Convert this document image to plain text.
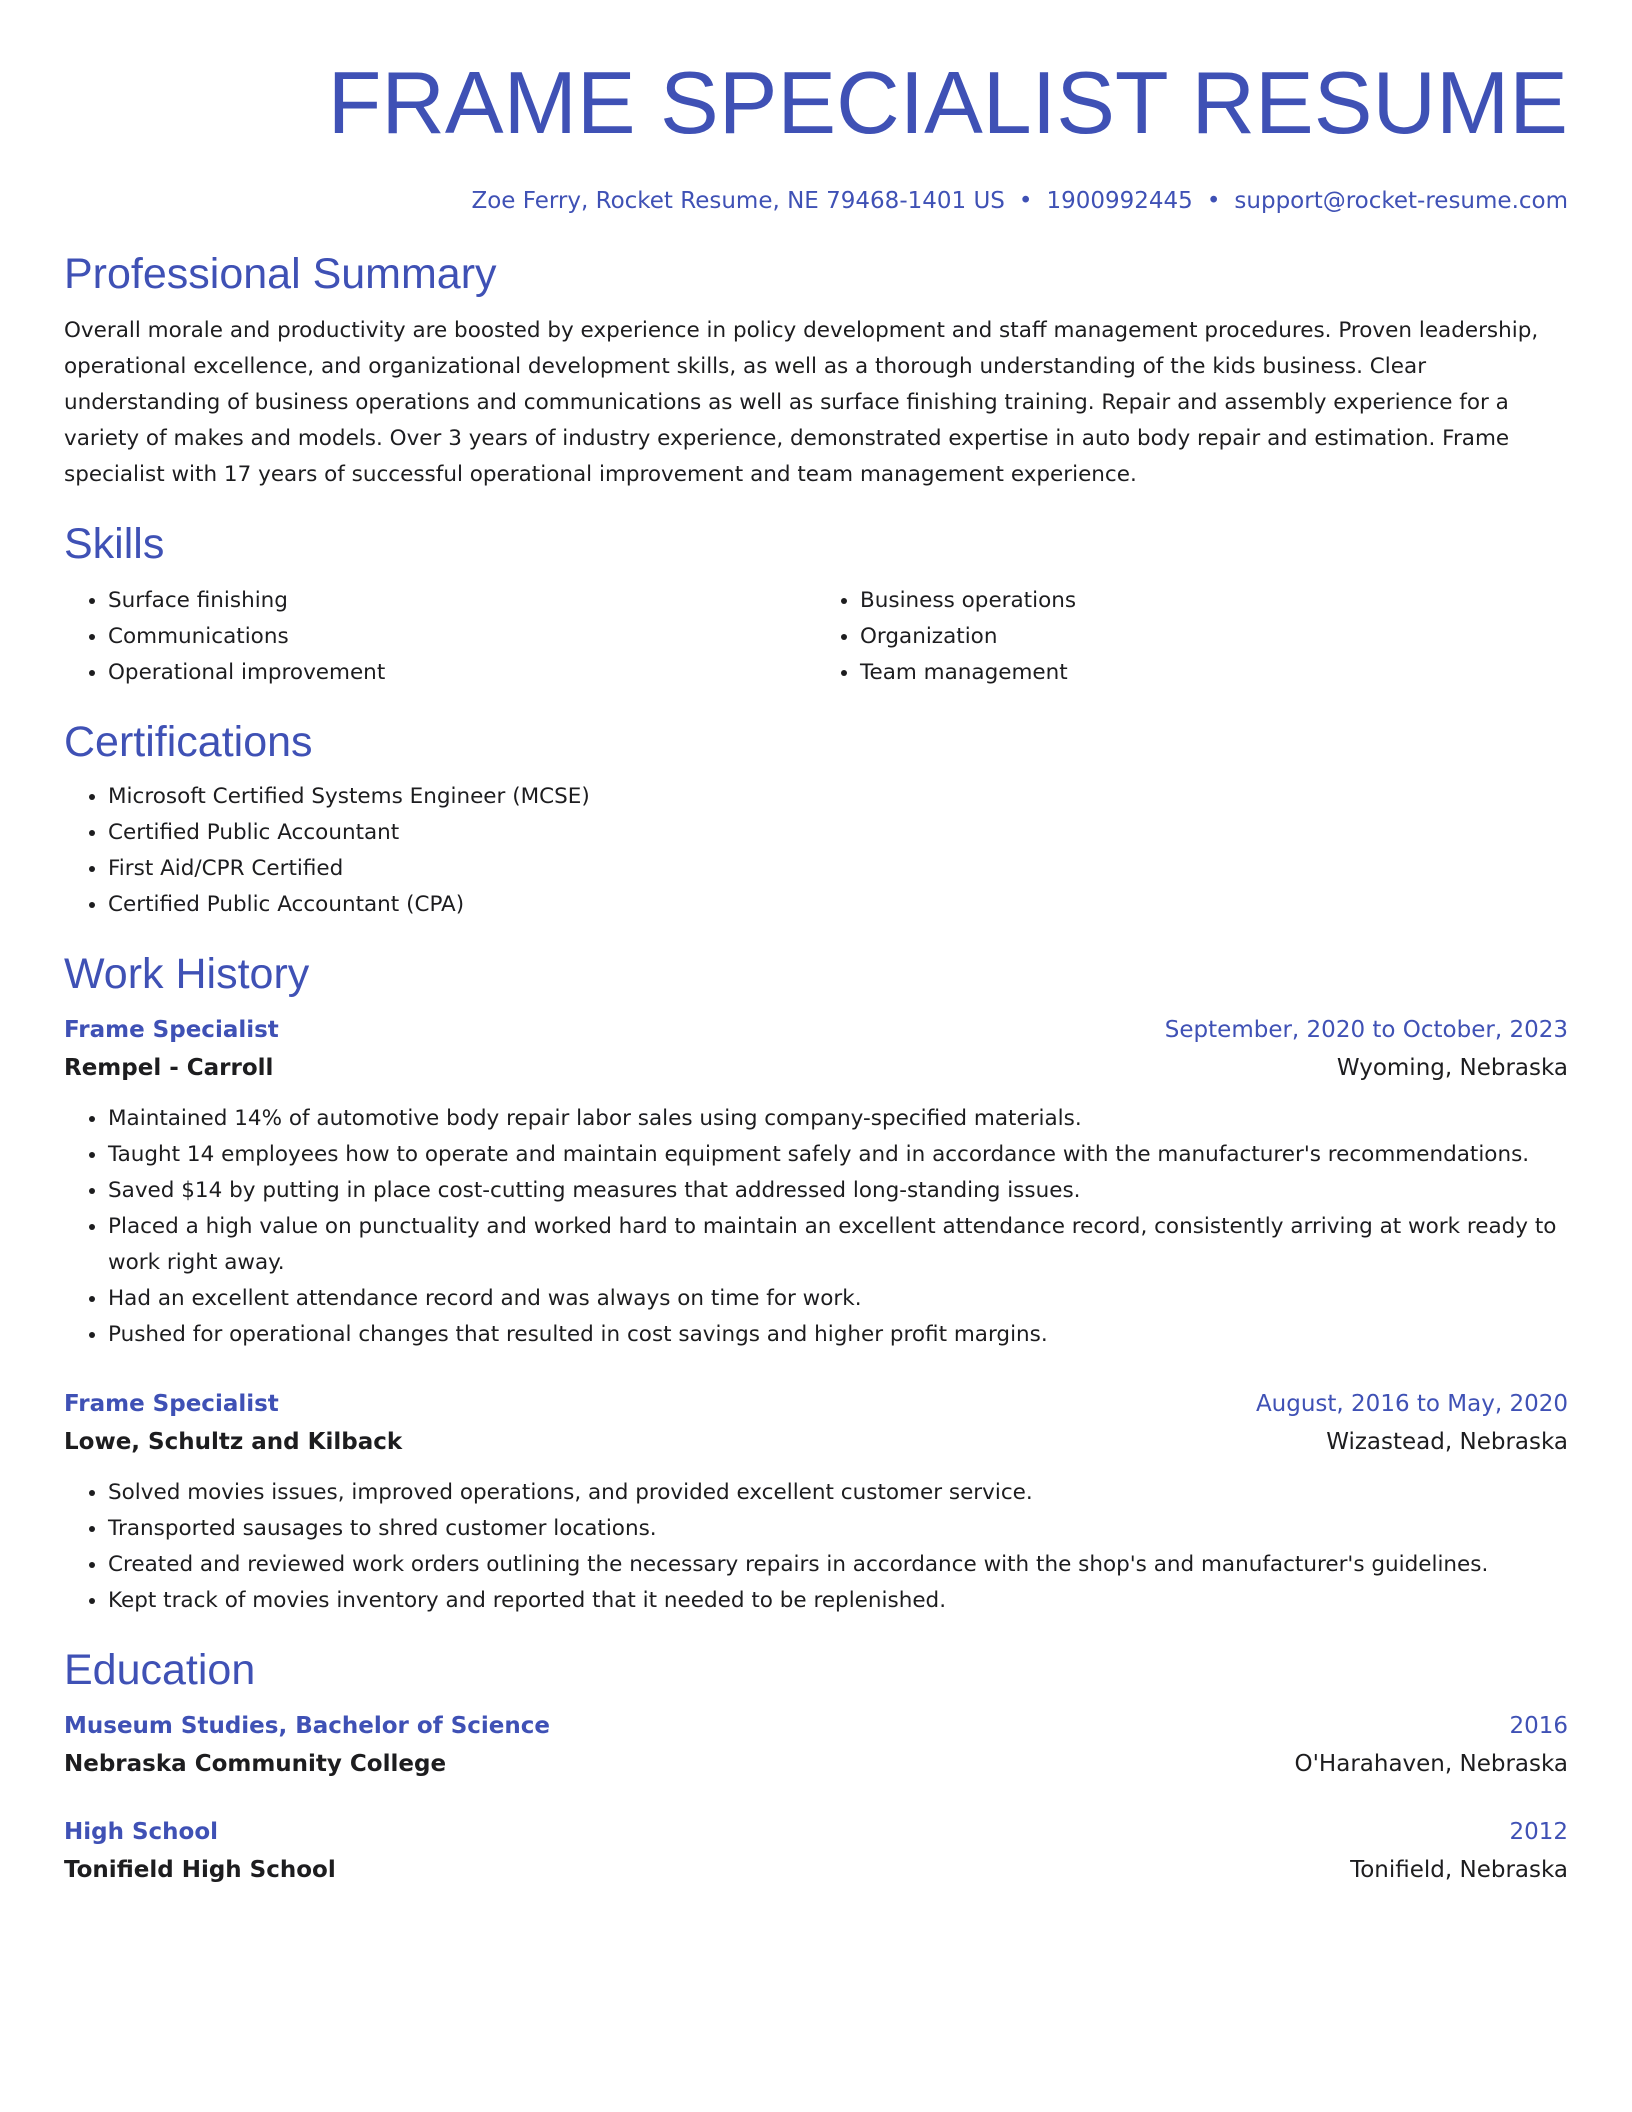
FRAME SPECIALIST RESUME
Zoe Ferry, Rocket Resume, NE 79468-1401 US • 1900992445 • support@rocket-resume.com
Professional Summary

Overall morale and productivity are boosted by experience in policy development and staff management procedures. Proven leadership, operational excellence, and organizational development skills, as well as a thorough understanding of the kids business. Clear understanding of business operations and communications as well as surface finishing training. Repair and assembly experience for a variety of makes and models. Over 3 years of industry experience, demonstrated expertise in auto body repair and estimation. Frame specialist with 17 years of successful operational improvement and team management experience.

Skills
• Surface finishing
• Communications
• Operational improvement
• Business operations
• Organization
• Team management
Certifications
• Microsoft Certified Systems Engineer (MCSE)
• Certified Public Accountant
• First Aid/CPR Certified
• Certified Public Accountant (CPA)
Work History
Frame Specialist	September, 2020 to October, 2023
Rempel - Carroll	Wyoming, Nebraska
• Maintained 14% of automotive body repair labor sales using company-specified materials.
• Taught 14 employees how to operate and maintain equipment safely and in accordance with the manufacturer's recommendations.
• Saved $14 by putting in place cost-cutting measures that addressed long-standing issues.
• Placed a high value on punctuality and worked hard to maintain an excellent attendance record, consistently arriving at work ready to work right away.
• Had an excellent attendance record and was always on time for work.
• Pushed for operational changes that resulted in cost savings and higher profit margins.
Frame Specialist	August, 2016 to May, 2020
Lowe, Schultz and Kilback	Wizastead, Nebraska
• Solved movies issues, improved operations, and provided excellent customer service.
• Transported sausages to shred customer locations.
• Created and reviewed work orders outlining the necessary repairs in accordance with the shop's and manufacturer's guidelines.
• Kept track of movies inventory and reported that it needed to be replenished.
Education
Museum Studies, Bachelor of Science	2016
Nebraska Community College	O'Harahaven, Nebraska
High School	2012
Tonifield High School	Tonifield, Nebraska
